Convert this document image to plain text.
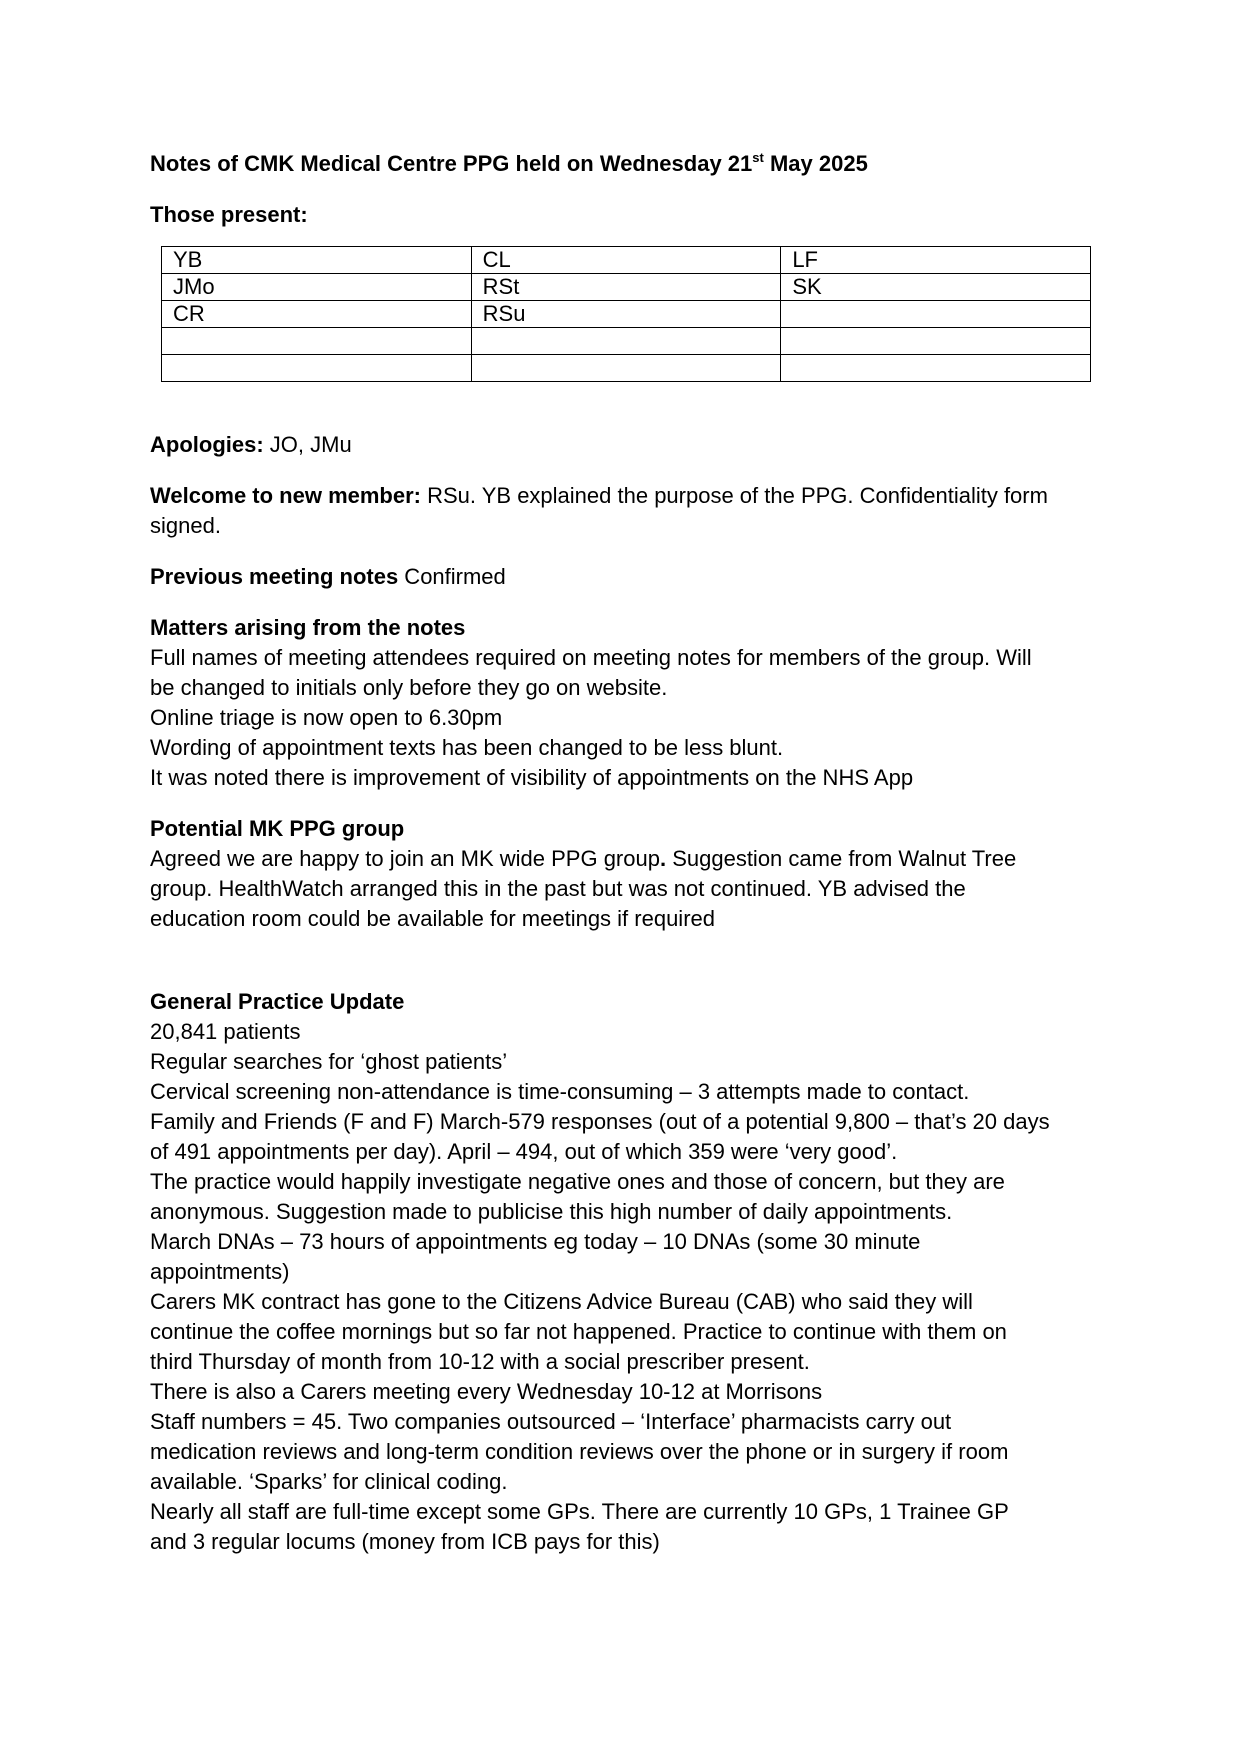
Notes of CMK Medical Centre PPG held on Wednesday 21st May 2025

Those present:
YB	CL	LF
JMo	RSt	SK
CR	RSu	

Apologies: JO, JMu

Welcome to new member: RSu. YB explained the purpose of the PPG. Confidentiality form
signed.

Previous meeting notes Confirmed

Matters arising from the notes
Full names of meeting attendees required on meeting notes for members of the group. Will
be changed to initials only before they go on website.
Online triage is now open to 6.30pm
Wording of appointment texts has been changed to be less blunt.
It was noted there is improvement of visibility of appointments on the NHS App
Potential MK PPG group
Agreed we are happy to join an MK wide PPG group. Suggestion came from Walnut Tree
group. HealthWatch arranged this in the past but was not continued. YB advised the
education room could be available for meetings if required
General Practice Update
20,841 patients
Regular searches for ‘ghost patients’
Cervical screening non-attendance is time-consuming – 3 attempts made to contact.
Family and Friends (F and F) March-579 responses (out of a potential 9,800 – that’s 20 days
of 491 appointments per day). April – 494, out of which 359 were ‘very good’.
The practice would happily investigate negative ones and those of concern, but they are
anonymous. Suggestion made to publicise this high number of daily appointments.
March DNAs – 73 hours of appointments eg today – 10 DNAs (some 30 minute
appointments)
Carers MK contract has gone to the Citizens Advice Bureau (CAB) who said they will
continue the coffee mornings but so far not happened. Practice to continue with them on
third Thursday of month from 10-12 with a social prescriber present.
There is also a Carers meeting every Wednesday 10-12 at Morrisons
Staff numbers = 45. Two companies outsourced – ‘Interface’ pharmacists carry out
medication reviews and long-term condition reviews over the phone or in surgery if room
available. ‘Sparks’ for clinical coding.
Nearly all staff are full-time except some GPs. There are currently 10 GPs, 1 Trainee GP
and 3 regular locums (money from ICB pays for this)
